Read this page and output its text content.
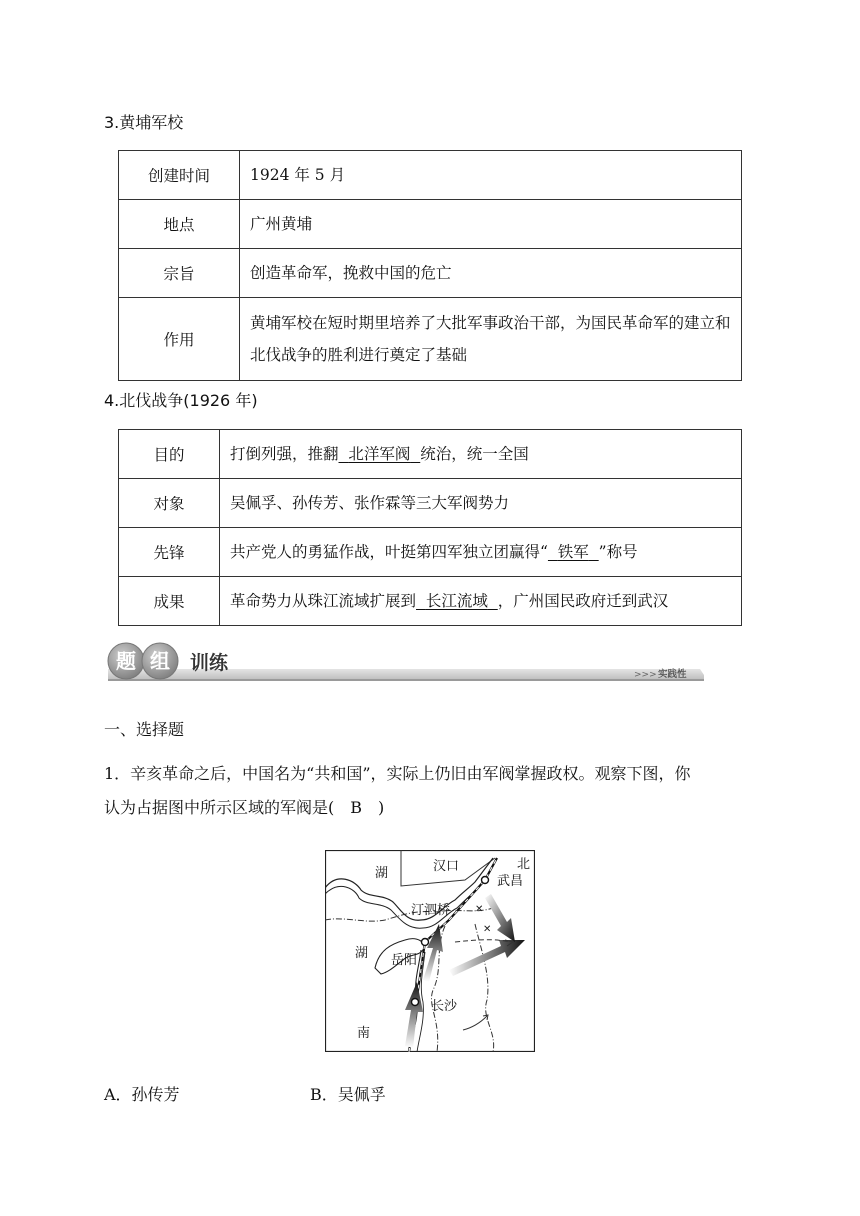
3.黄埔军校
创建时间	1924 年 5 月
地点	广州黄埔
宗旨	创造革命军，挽救中国的危亡
作用	黄埔军校在短时期里培养了大批军事政治干部，为国民革命军的建立和北伐战争的胜利进行奠定了基础
4.北伐战争(1926 年)
目的	打倒列强，推翻 北洋军阀 统治，统一全国
对象	吴佩孚、孙传芳、张作霖等三大军阀势力
先锋	共产党人的勇猛作战，叶挺第四军独立团赢得“ 铁军 ”称号
成果	革命势力从珠江流域扩展到 长江流域 ，广州国民政府迁到武汉
题 组 训练
>>> 实践性
一、选择题
1．辛亥革命之后，中国名为“共和国”，实际上仍旧由军阀掌握政权。观察下图，你
认为占据图中所示区域的军阀是(　B　)
✕
✕
汉口	北
武昌
湖
汀泗桥
湖 岳阳
长沙
南
A．孙传芳	B．吴佩孚
